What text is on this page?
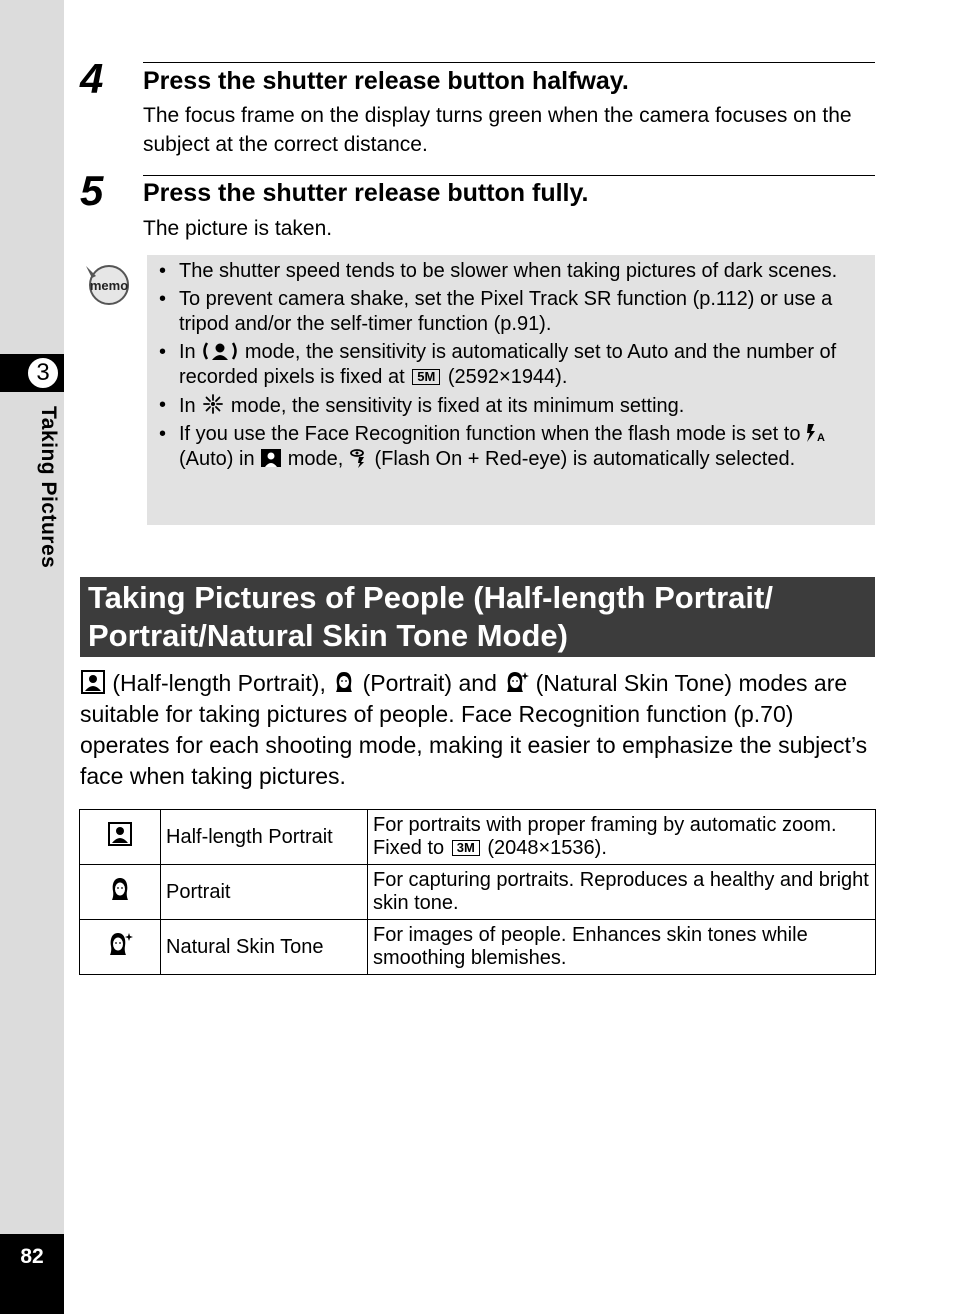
3
Taking Pictures
82
4 Press the shutter release button halfway.
The focus frame on the display turns green when the camera focuses on the subject at the correct distance.
5 Press the shutter release button fully.
The picture is taken.
memo
• The shutter speed tends to be slower when taking pictures of dark scenes.
• To prevent camera shake, set the Pixel Track SR function (p.112) or use a tripod and/or the self-timer function (p.91).
• In mode, the sensitivity is automatically set to Auto and the number of recorded pixels is fixed at 5M (2592×1944).
• In mode, the sensitivity is fixed at its minimum setting.
• If you use the Face Recognition function when the flash mode is set to A
(Auto) in mode, (Flash On + Red-eye) is automatically selected.
Taking Pictures of People (Half-length Portrait/
Portrait/Natural Skin Tone Mode)
(Half-length Portrait), (Portrait) and (Natural Skin Tone) modes are suitable for taking pictures of people. Face Recognition function (p.70) operates for each shooting mode, making it easier to emphasize the subject’s face when taking pictures.
	Half-length Portrait	For portraits with proper framing by automatic zoom. Fixed to 3M (2048×1536).
	Portrait	For capturing portraits. Reproduces a healthy and bright skin tone.
	Natural Skin Tone	For images of people. Enhances skin tones while smoothing blemishes.
